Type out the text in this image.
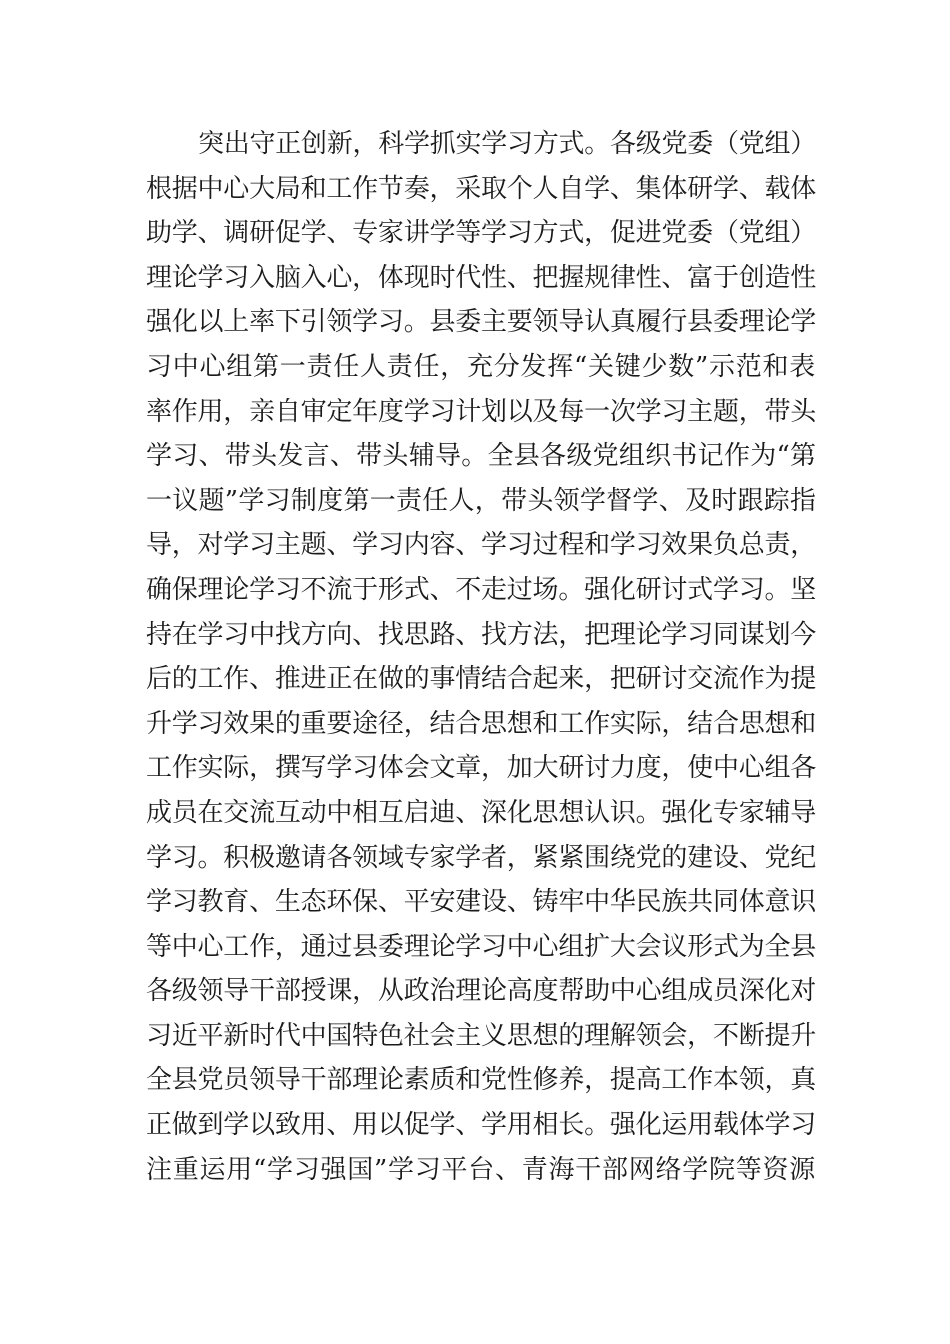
突出守正创新，科学抓实学习方式。各级党委（党组）
根据中心大局和工作节奏，采取个人自学、集体研学、载体
助学、调研促学、专家讲学等学习方式，促进党委（党组）
理论学习入脑入心，体现时代性、把握规律性、富于创造性
强化以上率下引领学习。县委主要领导认真履行县委理论学
习中心组第一责任人责任，充分发挥“关键少数”示范和表
率作用，亲自审定年度学习计划以及每一次学习主题，带头
学习、带头发言、带头辅导。全县各级党组织书记作为“第
一议题”学习制度第一责任人，带头领学督学、及时跟踪指
导，对学习主题、学习内容、学习过程和学习效果负总责，
确保理论学习不流于形式、不走过场。强化研讨式学习。坚
持在学习中找方向、找思路、找方法，把理论学习同谋划今
后的工作、推进正在做的事情结合起来，把研讨交流作为提
升学习效果的重要途径，结合思想和工作实际，结合思想和
工作实际，撰写学习体会文章，加大研讨力度，使中心组各
成员在交流互动中相互启迪、深化思想认识。强化专家辅导
学习。积极邀请各领域专家学者，紧紧围绕党的建设、党纪
学习教育、生态环保、平安建设、铸牢中华民族共同体意识
等中心工作，通过县委理论学习中心组扩大会议形式为全县
各级领导干部授课，从政治理论高度帮助中心组成员深化对
习近平新时代中国特色社会主义思想的理解领会，不断提升
全县党员领导干部理论素质和党性修养，提高工作本领，真
正做到学以致用、用以促学、学用相长。强化运用载体学习
注重运用“学习强国”学习平台、青海干部网络学院等资源
